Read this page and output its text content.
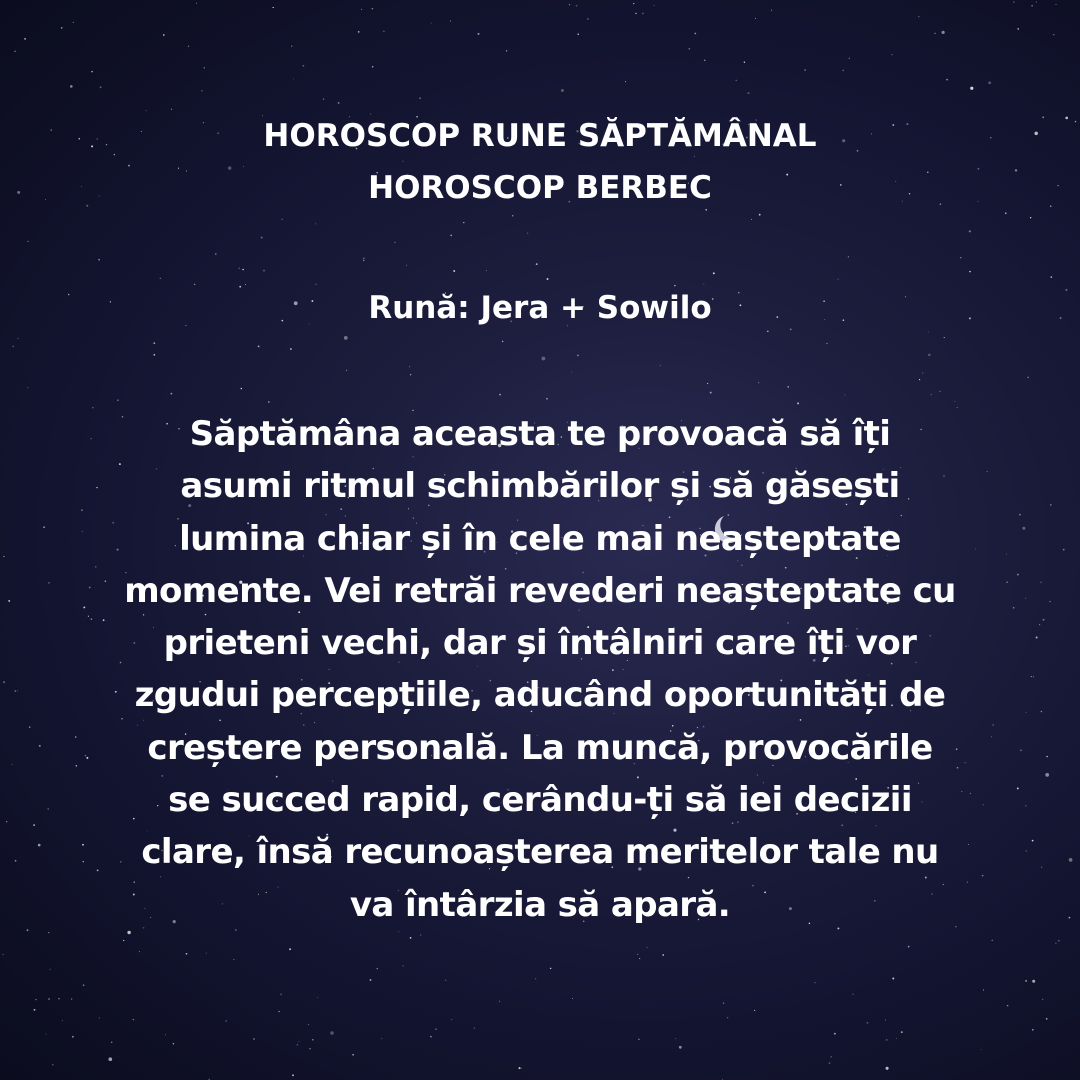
HOROSCOP RUNE SĂPTĂMÂNAL
HOROSCOP BERBEC
Rună: Jera + Sowilo
Săptămâna aceasta te provoacă să îți
asumi ritmul schimbărilor și să găsești
lumina chiar și în cele mai neașteptate
momente. Vei retrăi revederi neașteptate cu
prieteni vechi, dar și întâlniri care îți vor
zgudui percepțiile, aducând oportunități de
creștere personală. La muncă, provocările
se succed rapid, cerându-ți să iei decizii
clare, însă recunoașterea meritelor tale nu
va întârzia să apară.
